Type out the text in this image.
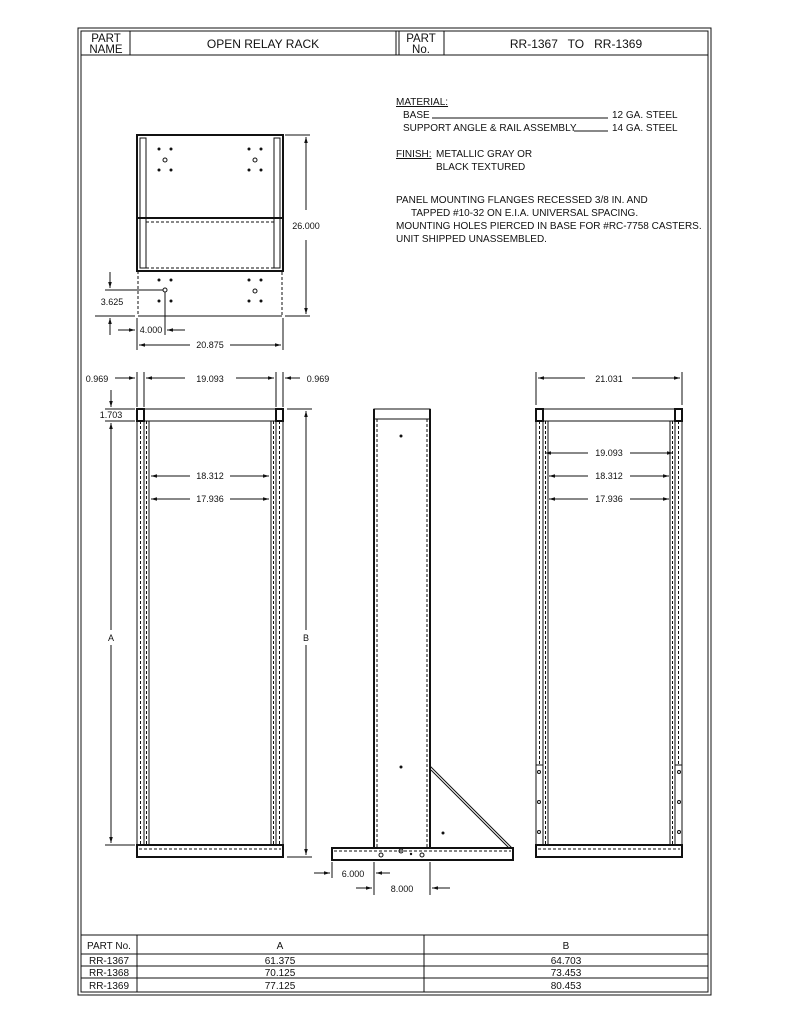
PART
NAME	OPEN RELAY RACK	PART
No.	RR-1367   TO   RR-1369
MATERIAL:
BASE	12 GA. STEEL
SUPPORT ANGLE & RAIL ASSEMBLY	14 GA. STEEL
FINISH: METALLIC GRAY OR
BLACK TEXTURED
PANEL MOUNTING FLANGES RECESSED 3/8 IN. AND
TAPPED #10-32 ON E.I.A. UNIVERSAL SPACING.
MOUNTING HOLES PIERCED IN BASE FOR #RC-7758 CASTERS.
UNIT SHIPPED UNASSEMBLED.
26.000
3.625
4.000
20.875
0.969	19.093	0.969
1.703
A	B
18.312
17.936
6.000
8.000
21.031
19.093
18.312
17.936
PART No.	A	B
RR-1367	61.375	64.703
RR-1368	70.125	73.453
RR-1369	77.125	80.453
